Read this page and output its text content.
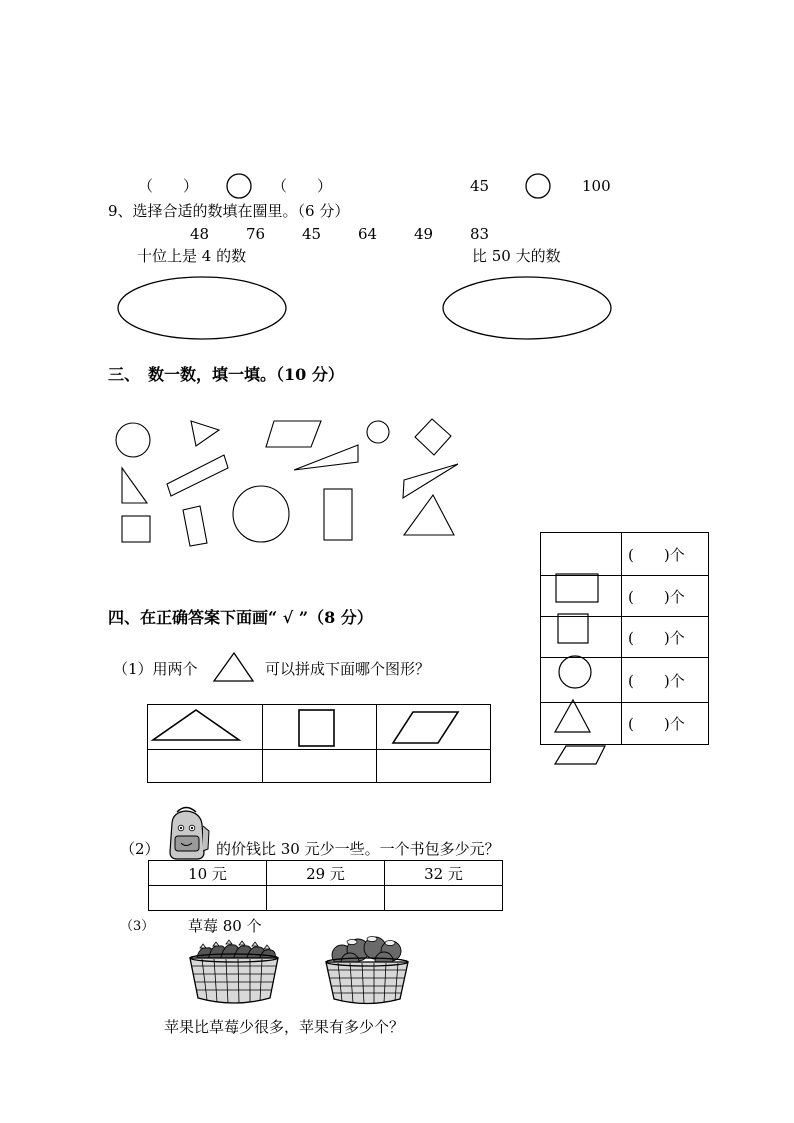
（　　）	（　　）	45	100
9、选择合适的数填在圈里。（6 分）
48 76 45 64 49 83
十位上是 4 的数	比 50 大的数
三、　数一数，填一填。（10 分）
	(　　)个
	(　　)个
	(　　)个
	(　　)个
	(　　)个
四、在正确答案下面画“ √ ”（8 分）
（1）用两个	可以拼成下面哪个图形？

（2）	的价钱比 30 元少一些。一个书包多少元？
10 元	29 元	32 元

（3） 草莓 80 个
苹果比草莓少很多，苹果有多少个？
